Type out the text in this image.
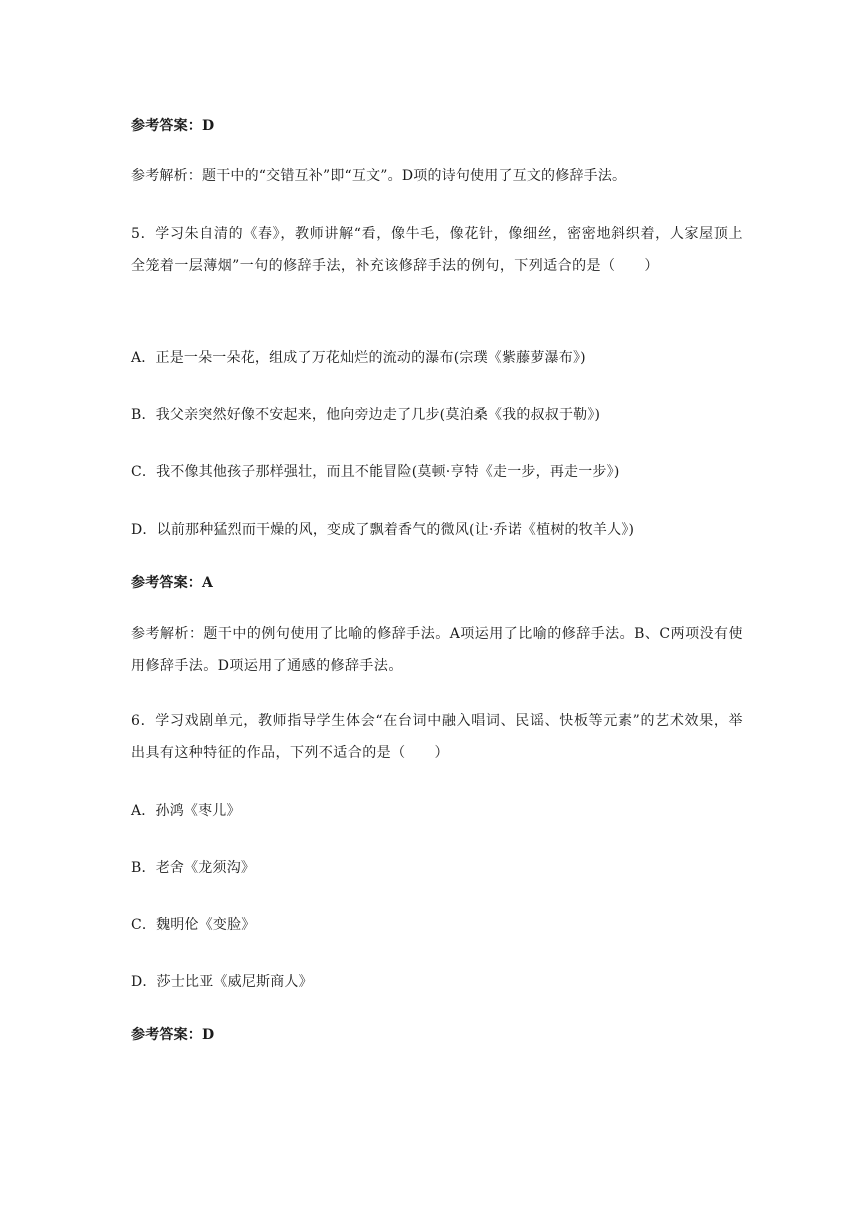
参考答案：D
参考解析：题干中的“交错互补”即“互文”。D项的诗句使用了互文的修辞手法。
5．学习朱自清的《春》，教师讲解“看，像牛毛，像花针，像细丝，密密地斜织着，人家屋顶上全笼着一层薄烟”一句的修辞手法，补充该修辞手法的例句，下列适合的是（　　）
A．正是一朵一朵花，组成了万花灿烂的流动的瀑布(宗璞《紫藤萝瀑布》)
B．我父亲突然好像不安起来，他向旁边走了几步(莫泊桑《我的叔叔于勒》)
C．我不像其他孩子那样强壮，而且不能冒险(莫顿·亨特《走一步，再走一步》)
D．以前那种猛烈而干燥的风，变成了飘着香气的微风(让·乔诺《植树的牧羊人》)
参考答案：A
参考解析：题干中的例句使用了比喻的修辞手法。A项运用了比喻的修辞手法。B、C两项没有使用修辞手法。D项运用了通感的修辞手法。
6．学习戏剧单元，教师指导学生体会“在台词中融入唱词、民谣、快板等元素”的艺术效果，举出具有这种特征的作品，下列不适合的是（　　）
A．孙鸿《枣儿》
B．老舍《龙须沟》
C．魏明伦《变脸》
D．莎士比亚《威尼斯商人》
参考答案：D
